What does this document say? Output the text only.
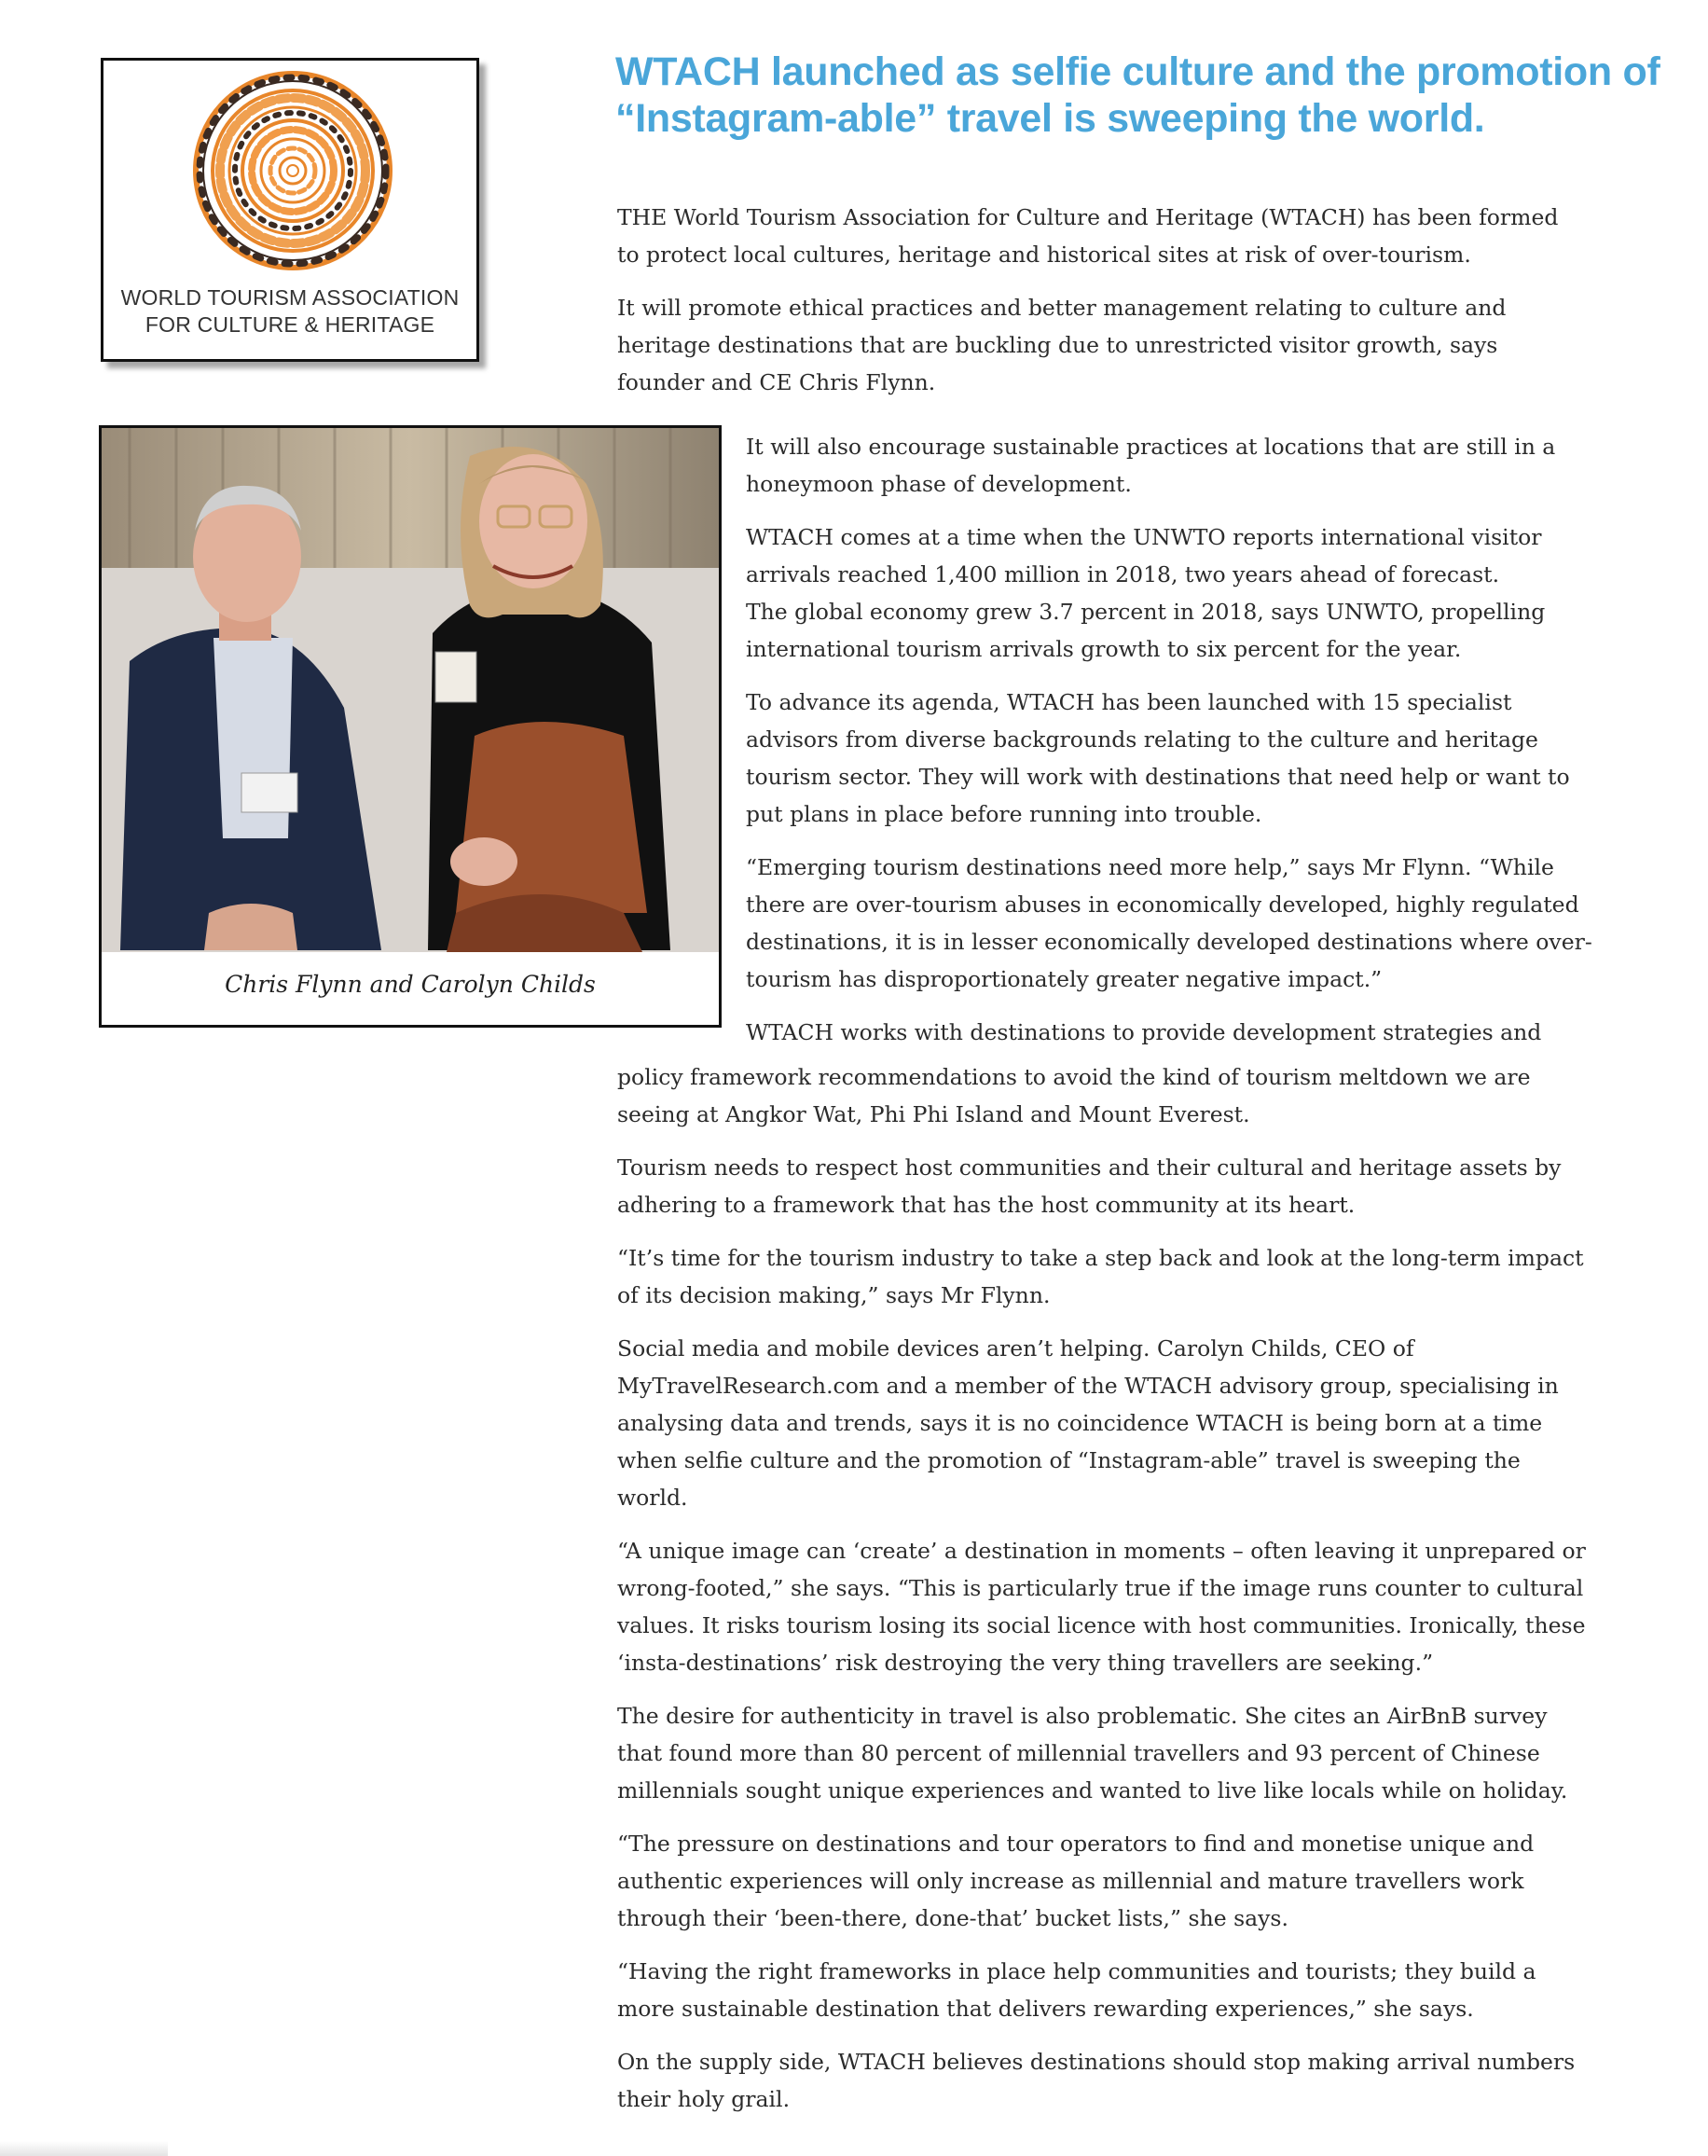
WORLD TOURISM ASSOCIATION
FOR CULTURE & HERITAGE
WTACH launched as selfie culture and the promotion of
“Instagram-able” travel is sweeping the world.
Chris Flynn and Carolyn Childs

THE World Tourism Association for Culture and Heritage (WTACH) has been formed
to protect local cultures, heritage and historical sites at risk of over-tourism.

It will promote ethical practices and better management relating to culture and
heritage destinations that are buckling due to unrestricted visitor growth, says
founder and CE Chris Flynn.

It will also encourage sustainable practices at locations that are still in a
honeymoon phase of development.

WTACH comes at a time when the UNWTO reports international visitor
arrivals reached 1,400 million in 2018, two years ahead of forecast.
The global economy grew 3.7 percent in 2018, says UNWTO, propelling
international tourism arrivals growth to six percent for the year.

To advance its agenda, WTACH has been launched with 15 specialist
advisors from diverse backgrounds relating to the culture and heritage
tourism sector. They will work with destinations that need help or want to
put plans in place before running into trouble.

“Emerging tourism destinations need more help,” says Mr Flynn. “While
there are over-tourism abuses in economically developed, highly regulated
destinations, it is in lesser economically developed destinations where over-
tourism has disproportionately greater negative impact.”

WTACH works with destinations to provide development strategies and

policy framework recommendations to avoid the kind of tourism meltdown we are
seeing at Angkor Wat, Phi Phi Island and Mount Everest.

Tourism needs to respect host communities and their cultural and heritage assets by
adhering to a framework that has the host community at its heart.

“It’s time for the tourism industry to take a step back and look at the long-term impact
of its decision making,” says Mr Flynn.

Social media and mobile devices aren’t helping. Carolyn Childs, CEO of
MyTravelResearch.com and a member of the WTACH advisory group, specialising in
analysing data and trends, says it is no coincidence WTACH is being born at a time
when selfie culture and the promotion of “Instagram-able” travel is sweeping the
world.

“A unique image can ‘create’ a destination in moments – often leaving it unprepared or
wrong-footed,” she says. “This is particularly true if the image runs counter to cultural
values. It risks tourism losing its social licence with host communities. Ironically, these
‘insta-destinations’ risk destroying the very thing travellers are seeking.”

The desire for authenticity in travel is also problematic. She cites an AirBnB survey
that found more than 80 percent of millennial travellers and 93 percent of Chinese
millennials sought unique experiences and wanted to live like locals while on holiday.

“The pressure on destinations and tour operators to find and monetise unique and
authentic experiences will only increase as millennial and mature travellers work
through their ‘been-there, done-that’ bucket lists,” she says.

“Having the right frameworks in place help communities and tourists; they build a
more sustainable destination that delivers rewarding experiences,” she says.

On the supply side, WTACH believes destinations should stop making arrival numbers
their holy grail.
